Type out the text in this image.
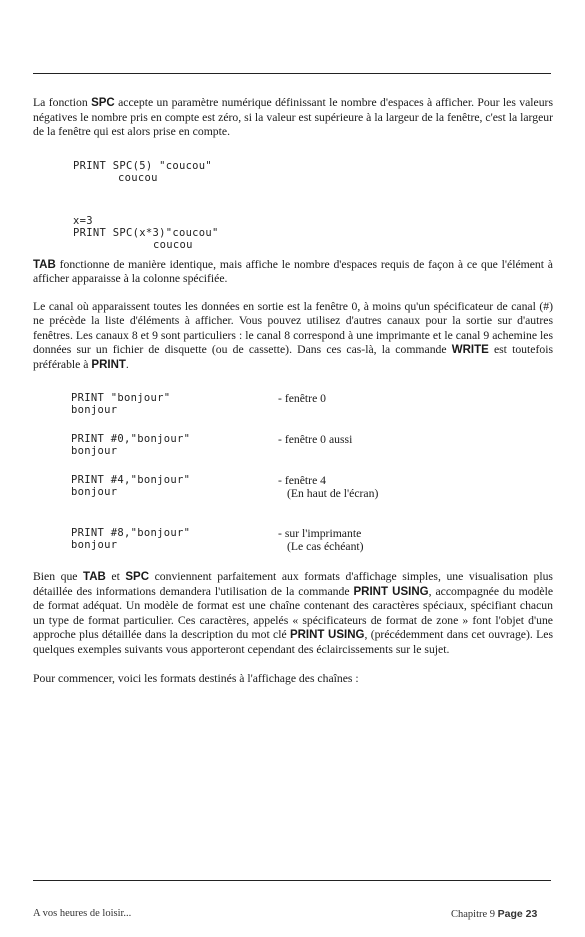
La fonction SPC accepte un paramètre numérique définissant le nombre d'espaces à afficher. Pour les valeurs négatives le nombre pris en compte est zéro, si la valeur est supérieure à la largeur de la fenêtre, c'est la largeur de la fenêtre qui est alors prise en compte.

PRINT SPC(5) "coucou"
coucou
x=3
PRINT SPC(x*3)"coucou"
coucou

TAB fonctionne de manière identique, mais affiche le nombre d'espaces requis de façon à ce que l'élément à afficher apparaisse à la colonne spécifiée.

Le canal où apparaissent toutes les données en sortie est la fenêtre 0, à moins qu'un spécificateur de canal (#) ne précède la liste d'éléments à afficher. Vous pouvez utilisez d'autres canaux pour la sortie sur d'autres fenêtres. Les canaux 8 et 9 sont particuliers : le canal 8 correspond à une imprimante et le canal 9 achemine les données sur un fichier de disquette (ou de cassette). Dans ces cas-là, la commande WRITE est toutefois préférable à PRINT.

PRINT "bonjour"
bonjour
- fenêtre 0
PRINT #0,"bonjour"
bonjour
- fenêtre 0 aussi
PRINT #4,"bonjour"
bonjour
- fenêtre 4
(En haut de l'écran)
PRINT #8,"bonjour"
bonjour
- sur l'imprimante
(Le cas échéant)

Bien que TAB et SPC conviennent parfaitement aux formats d'affichage simples, une visualisation plus détaillée des informations demandera l'utilisation de la commande PRINT USING, accompagnée du modèle de format adéquat. Un modèle de format est une chaîne contenant des caractères spéciaux, spécifiant chacun un type de format particulier. Ces caractères, appelés « spécificateurs de format de zone » font l'objet d'une approche plus détaillée dans la description du mot clé PRINT USING, (précédemment dans cet ouvrage). Les quelques exemples suivants vous apporteront cependant des éclaircissements sur le sujet.

Pour commencer, voici les formats destinés à l'affichage des chaînes :

A vos heures de loisir...	Chapitre 9 Page 23
